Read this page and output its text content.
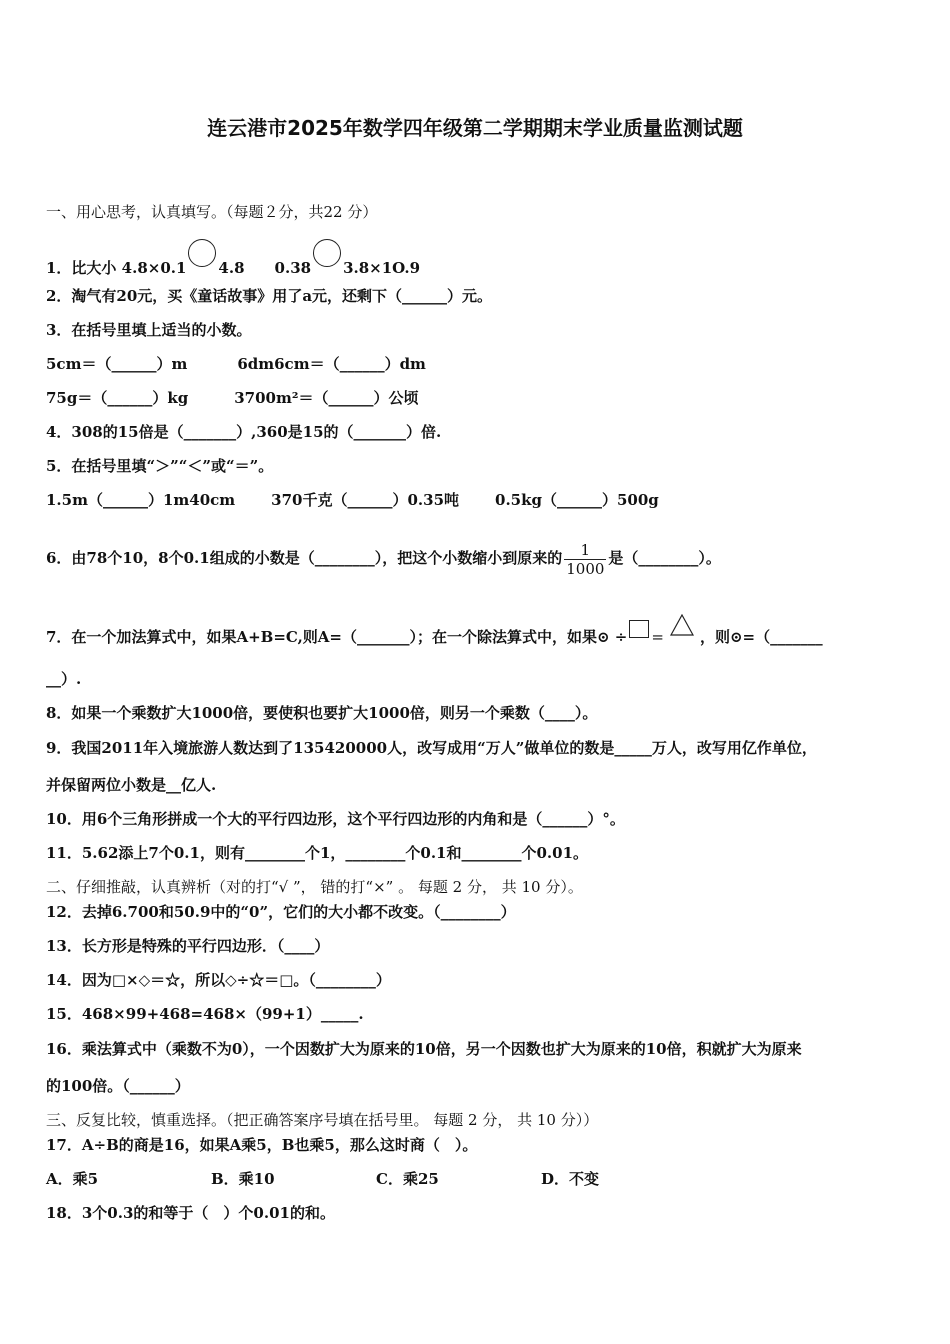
连云港市2025年数学四年级第二学期期末学业质量监测试题
一、用心思考，认真填写。（每题２分，共22 分）
1．比大小 4.8×0.1 4.8 0.38 3.8×1O.9
2．淘气有20元，买《童话故事》用了a元，还剩下（______）元。
3．在括号里填上适当的小数。
5cm＝（______）m	6dm6cm＝（______）dm
75g＝（______）kg	3700m²＝（______）公顷
4．308的15倍是（_______）,360是15的（_______）倍.
5．在括号里填“＞”“＜”或“＝”。
1.5m（______）1m40cm 370千克（______）0.35吨 0.5kg（______）500g
6．由78个10，8个0.1组成的小数是（________），把这个小数缩小到原来的 $\frac{1}{1000}$ 是（________）。
7．在一个加法算式中，如果A+B=C,则A=（_______）；在一个除法算式中，如果⊙ ÷ = ，则⊙=（_______
__）.
8．如果一个乘数扩大1000倍，要使积也要扩大1000倍，则另一个乘数（____）。
9．我国2011年入境旅游人数达到了135420000人，改写成用“万人”做单位的数是_____万人，改写用亿作单位，
并保留两位小数是__亿人.
10．用6个三角形拼成一个大的平行四边形，这个平行四边形的内角和是（______）°。
11．5.62添上7个0.1，则有________个1，________个0.1和________个0.01。
二、仔细推敲，认真辨析（对的打“√ ”， 错的打“×” 。 每题 2 分， 共 10 分）。
12．去掉6.700和50.9中的“0”，它们的大小都不改变。（________）
13．长方形是特殊的平行四边形．（____）
14．因为□×◇＝☆，所以◇÷☆＝□。（________）
15．468×99+468=468×（99+1）_____.
16．乘法算式中（乘数不为0），一个因数扩大为原来的10倍，另一个因数也扩大为原来的10倍，积就扩大为原来
的100倍。（______）
三、反复比较，慎重选择。（把正确答案序号填在括号里。 每题 2 分， 共 10 分））
17．A÷B的商是16，如果A乘5，B也乘5，那么这时商（　）。
A．乘5	B．乘10	C．乘25	D．不变
18．3个0.3的和等于（　）个0.01的和。
